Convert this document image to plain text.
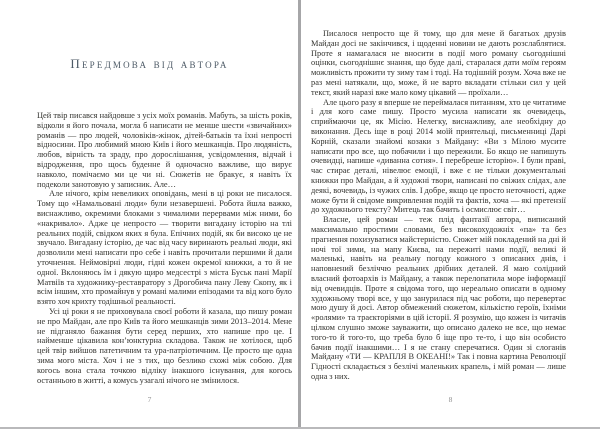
Передмова від автора

Цей твір писався найдовше з усіх моїх романів. Мабуть, за шість років, відколи я його почала, могла б написати не менше шести «звичайних» романів — про людей, чоловіків-жінок, дітей-батьків та їхні непрості відносини. Про любимий мною Київ і його мешканців. Про людяність, любов, вірність та зраду, про дорослішання, усвідомлення, відчай і відродження, про щось буденне й одночасно важливе, що вирує навколо, помічаємо ми це чи ні. Сюжетів не бракує, я навіть їх подеколи занотовую у записник. Але…

Але нічого, крім невеликих оповідань, мені в ці роки не писалося. Тому що «Намальовані люди» були незавершені. Робота йшла важко, виснажливо, окремими блоками з чималими перервами між ними, бо «накривало». Адже це непросто — творити вигадану історію на тлі реальних подій, свідком яких я була. Епічних подій, як би високо це не звучало. Вигадану історію, де час від часу виринають реальні люди, які дозволили мені написати про себе і навіть прочитали першими й дали уточнення. Неймовірні люди, гідні кожен окремої книжки, а то й не одної. Вклоняюсь їм і дякую щиро медсестрі з міста Буськ пані Марії Матвіїв та художнику-реставратору з Дрогобича пану Леву Скопу, як і всім іншим, хто промайнув у романі малими епізодами та від кого було взято хоч крихту тодішньої реальності.

Усі ці роки я не приховувала своєї роботи й казала, що пишу роман не про Майдан, але про Київ та його мешканців зими 2013–2014. Мене не підганяло бажання бути серед перших, хто напише про це. І найменше цікавила кон’юнктурна складова. Також не хотілося, щоб цей твір вийшов патетичним та ура-патріотичним. Це просто ще одна зима мого міста. Хоч і не з тих, що безлико схожі між собою. Для когось вона стала точкою відліку інакшого існування, для когось останньою в житті, а комусь узагалі нічого не змінилося.

7

Писалося непросто ще й тому, що для мене й багатьох друзів Майдан досі не закінчився, і щоденні новини не дають розслаблятися. Проте я намагалася не вносити в події мого роману сьогоднішні оцінки, сьогоднішнє знання, що буде далі, старалася дати моїм героям можливість прожити ту зиму там і тоді. На тодішній розум. Хоча вже не раз мені натякали, що, може, й не варто вкладати стільки сил у цей текст, який наразі вже мало кому цікавий — проїхали…

Але цього разу я вперше не переймалася питанням, хто це читатиме і для кого саме пишу. Просто мусила написати як очевидець, сприймаючи це, як Місію. Нелегку, виснажливу, але необхідну до виконання. Десь іще в році 2014 моїй приятельці, письменниці Дарі Корній, сказали знайомі козаки з Майдану: «Ви з Мілою мусите написати про все, що побачили і що пережили. Бо якщо не напишуть очевидці, напише «диванна сотня». І перебреше історію». І були праві, час стирає деталі, нівелює емоції, і вже є не тільки документальні книжки про Майдан, а й художні твори, написані по свіжих слідах, але деякі, вочевидь, із чужих слів. І добре, якщо це просто неточності, адже може бути й свідоме викривлення подій та фактів, хоча — які претензії до художнього тексту? Митець так бачить і осмислює світ…

Власне, цей роман — теж плід фантазії автора, виписаний максимально простими словами, без високохудожніх «па» та без прагнення похизуватися майстерністю. Сюжет мій покладений на дні й ночі тої зими, на мапу Києва, на пережиті нами події, великі й маленькі, навіть на реальну погоду кожного з описаних днів, і наповнений безліччю реальних дрібних деталей. Я маю солідний власний фотоархів із Майдану, а також перелопатила море інформації від очевидців. Проте я свідома того, що нереально описати в одному художньому творі все, у що занурилася під час роботи, що перевертає мою душу й досі. Автор обмежений сюжетом, кількістю героїв, їхніми «ролями» та траєкторіями в цій історії. Я розумію, що кожен із читачів цілком слушно зможе зауважити, що описано далеко не все, що немає того-то й того-то, що треба було б іще про те-то, і що він особисто бачив події інакшими… І я не стану сперечатися. Один зі слоганів Майдану «ТИ — КРАПЛЯ В ОКЕАНІ!» Так і повна картина Революції Гідності складається з безлічі маленьких крапель, і мій роман — лише одна з них.

8
